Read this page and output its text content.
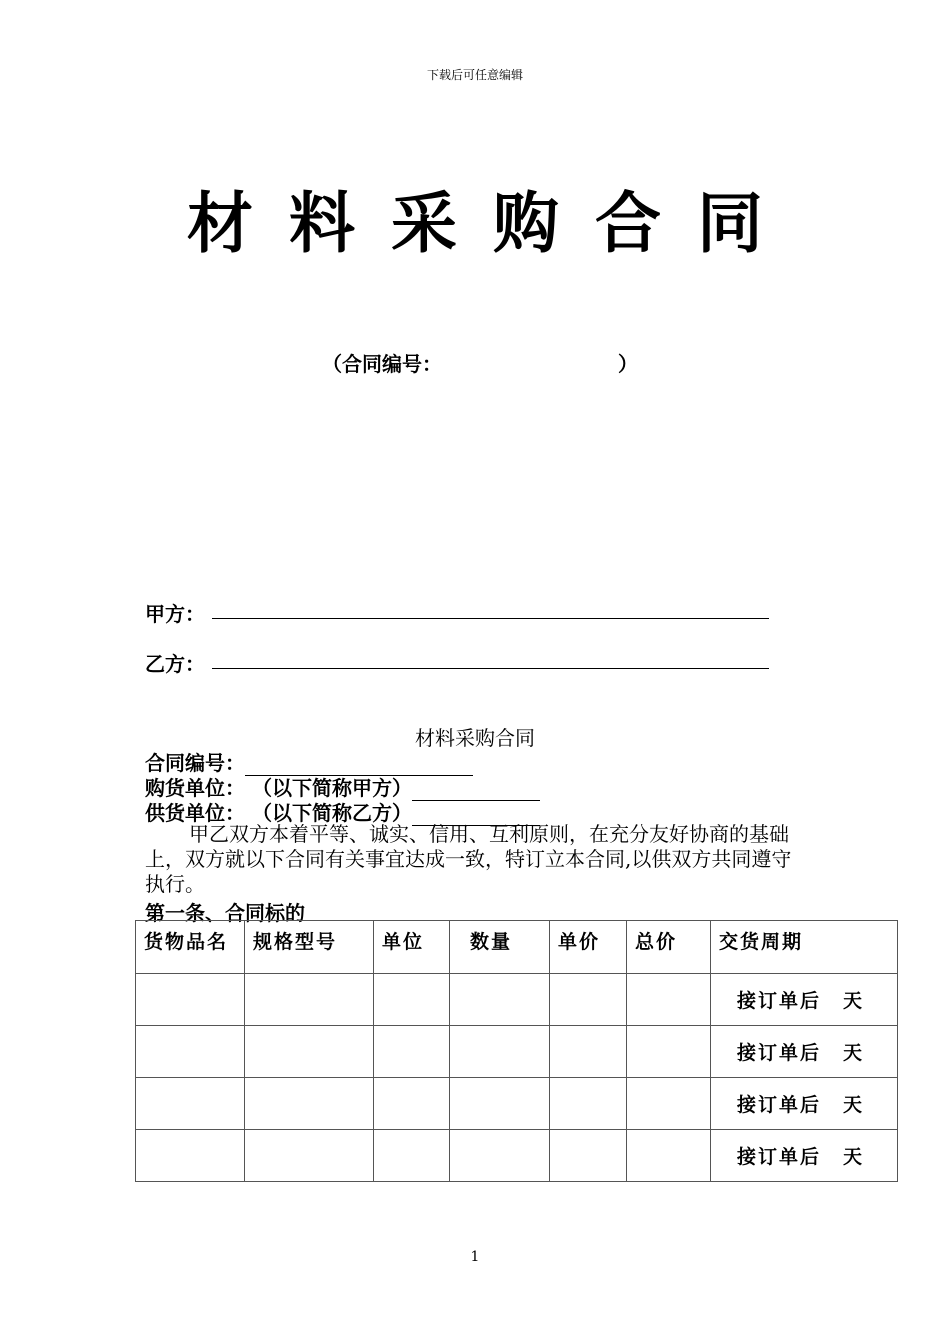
下载后可任意编辑
材料采购合同
（合同编号：	）
甲方：
乙方：
材料采购合同
合同编号：
购货单位： （以下简称甲方）
供货单位： （以下简称乙方）
甲乙双方本着平等、诚实、信用、互利原则，在充分友好协商的基础上，双方就以下合同有关事宜达成一致，特订立本合同,以供双方共同遵守执行。
第一条、合同标的
货物品名	规格型号	单位	数量	单价	总价	交货周期
						接订单后 天
						接订单后 天
						接订单后 天
						接订单后 天
1
